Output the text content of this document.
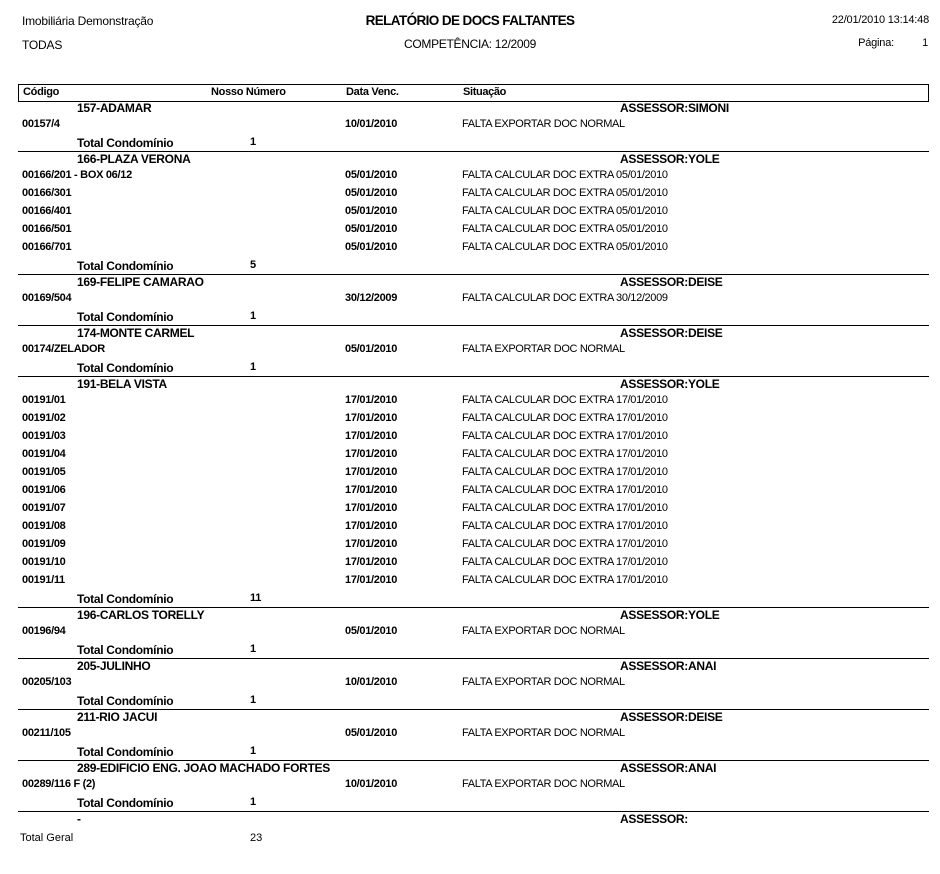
Imobiliária Demonstração
TODAS
RELATÓRIO DE DOCS FALTANTES
COMPETÊNCIA: 12/2009
22/01/2010 13:14:48
Página:	1
Código	Nosso Número	Data Venc.	Situação
157-ADAMAR	ASSESSOR:SIMONI
00157/4	10/01/2010	FALTA EXPORTAR DOC NORMAL
Total Condomínio	1
166-PLAZA VERONA	ASSESSOR:YOLE
00166/201 - BOX 06/12	05/01/2010	FALTA CALCULAR DOC EXTRA 05/01/2010
00166/301	05/01/2010	FALTA CALCULAR DOC EXTRA 05/01/2010
00166/401	05/01/2010	FALTA CALCULAR DOC EXTRA 05/01/2010
00166/501	05/01/2010	FALTA CALCULAR DOC EXTRA 05/01/2010
00166/701	05/01/2010	FALTA CALCULAR DOC EXTRA 05/01/2010
Total Condomínio	5
169-FELIPE CAMARAO	ASSESSOR:DEISE
00169/504	30/12/2009	FALTA CALCULAR DOC EXTRA 30/12/2009
Total Condomínio	1
174-MONTE CARMEL	ASSESSOR:DEISE
00174/ZELADOR	05/01/2010	FALTA EXPORTAR DOC NORMAL
Total Condomínio	1
191-BELA VISTA	ASSESSOR:YOLE
00191/01	17/01/2010	FALTA CALCULAR DOC EXTRA 17/01/2010
00191/02	17/01/2010	FALTA CALCULAR DOC EXTRA 17/01/2010
00191/03	17/01/2010	FALTA CALCULAR DOC EXTRA 17/01/2010
00191/04	17/01/2010	FALTA CALCULAR DOC EXTRA 17/01/2010
00191/05	17/01/2010	FALTA CALCULAR DOC EXTRA 17/01/2010
00191/06	17/01/2010	FALTA CALCULAR DOC EXTRA 17/01/2010
00191/07	17/01/2010	FALTA CALCULAR DOC EXTRA 17/01/2010
00191/08	17/01/2010	FALTA CALCULAR DOC EXTRA 17/01/2010
00191/09	17/01/2010	FALTA CALCULAR DOC EXTRA 17/01/2010
00191/10	17/01/2010	FALTA CALCULAR DOC EXTRA 17/01/2010
00191/11	17/01/2010	FALTA CALCULAR DOC EXTRA 17/01/2010
Total Condomínio	11
196-CARLOS TORELLY	ASSESSOR:YOLE
00196/94	05/01/2010	FALTA EXPORTAR DOC NORMAL
Total Condomínio	1
205-JULINHO	ASSESSOR:ANAI
00205/103	10/01/2010	FALTA EXPORTAR DOC NORMAL
Total Condomínio	1
211-RIO JACUI	ASSESSOR:DEISE
00211/105	05/01/2010	FALTA EXPORTAR DOC NORMAL
Total Condomínio	1
289-EDIFICIO ENG. JOAO MACHADO FORTES	ASSESSOR:ANAI
00289/116 F (2)	10/01/2010	FALTA EXPORTAR DOC NORMAL
Total Condomínio	1
-	ASSESSOR:
Total Geral	23
